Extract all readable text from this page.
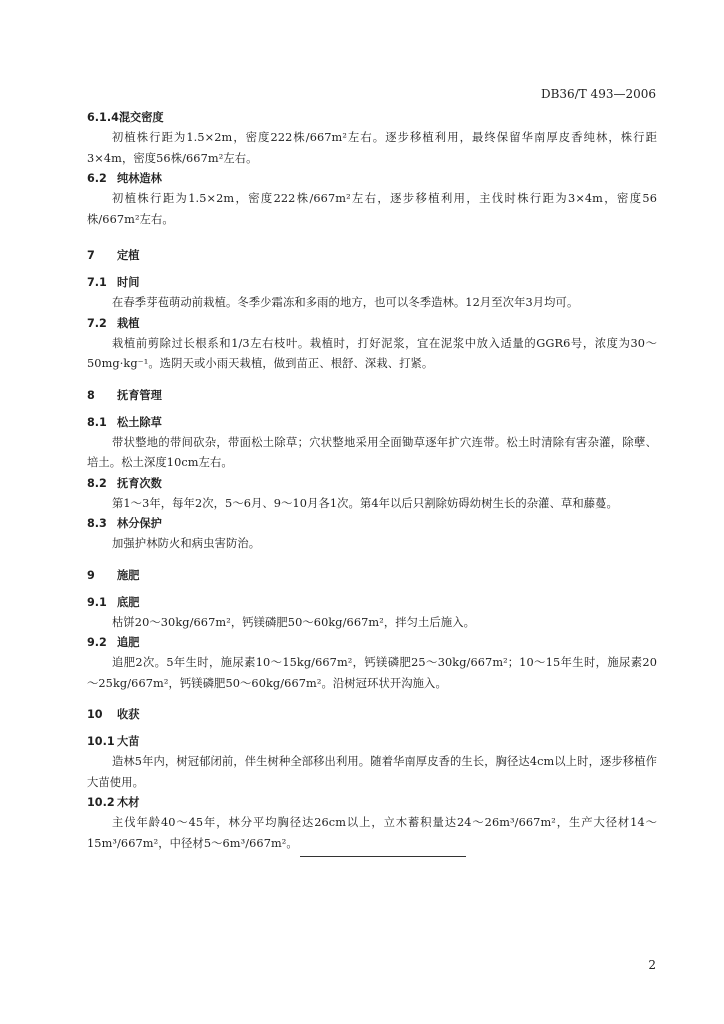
DB36/T 493—2006
6.1.4混交密度

初植株行距为1.5×2m，密度222株/667m²左右。逐步移植利用，最终保留华南厚皮香纯林，株行距3×4m，密度56株/667m²左右。

6.2 纯林造林

初植株行距为1.5×2m，密度222株/667m²左右，逐步移植利用，主伐时株行距为3×4m，密度56株/667m²左右。

7 定植
7.1 时间

在春季芽苞萌动前栽植。冬季少霜冻和多雨的地方，也可以冬季造林。12月至次年3月均可。

7.2 栽植

栽植前剪除过长根系和1/3左右枝叶。栽植时，打好泥浆，宜在泥浆中放入适量的GGR6号，浓度为30～50mg·kg⁻¹。选阴天或小雨天栽植，做到苗正、根舒、深栽、打紧。

8 抚育管理
8.1 松土除草

带状整地的带间砍杂，带面松土除草；穴状整地采用全面锄草逐年扩穴连带。松土时清除有害杂灌，除孽、培土。松土深度10cm左右。

8.2 抚育次数

第1～3年，每年2次，5～6月、9～10月各1次。第4年以后只割除妨碍幼树生长的杂灌、草和藤蔓。

8.3 林分保护

加强护林防火和病虫害防治。

9 施肥
9.1 底肥

枯饼20～30kg/667m²，钙镁磷肥50～60kg/667m²，拌匀土后施入。

9.2 追肥

追肥2次。5年生时，施尿素10～15kg/667m²，钙镁磷肥25～30kg/667m²；10～15年生时，施尿素20～25kg/667m²，钙镁磷肥50～60kg/667m²。沿树冠环状开沟施入。

10 收获
10.1 大苗

造林5年内，树冠郁闭前，伴生树种全部移出利用。随着华南厚皮香的生长，胸径达4cm以上时，逐步移植作大苗使用。

10.2 木材

主伐年龄40～45年，林分平均胸径达26cm以上，立木蓄积量达24～26m³/667m²，生产大径材14～15m³/667m²，中径材5～6m³/667m²。

2
